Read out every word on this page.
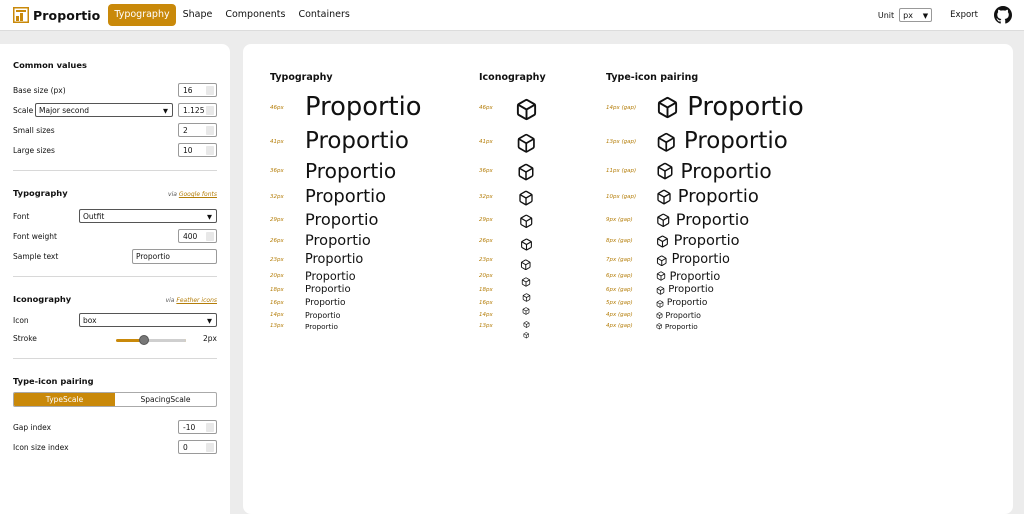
Proportio	Typography	Shape	Components	Containers	Unit px ▼	Export
Common values
Base size (px)	16
Scale Major second	▼ 1.125
Small sizes	2
Large sizes	10
Typography	via Google fonts
Font	Outfit	▼
Font weight	400
Sample text	Proportio
Iconography	via Feather icons
Icon	box	▼
Stroke	2px
Type-icon pairing
TypeScale	SpacingScale
Gap index	-10
Icon size index	0
Typography	Iconography	Type-icon pairing
46px Proportio	46px	14px (gap) Proportio
41px Proportio	41px	13px (gap) Proportio
36px Proportio	36px	11px (gap) Proportio
32px Proportio	32px	10px (gap) Proportio
29px Proportio	29px	9px (gap)	Proportio
26px Proportio	26px	8px (gap)	Proportio
23px Proportio	23px	7px (gap)	Proportio
20px Proportio	20px	6px (gap)	Proportio
18px Proportio	18px	6px (gap)	Proportio
16px Proportio	16px	5px (gap)	Proportio
14px	Proportio	14px	4px (gap)	Proportio
13px	Proportio	13px	4px (gap)	Proportio
